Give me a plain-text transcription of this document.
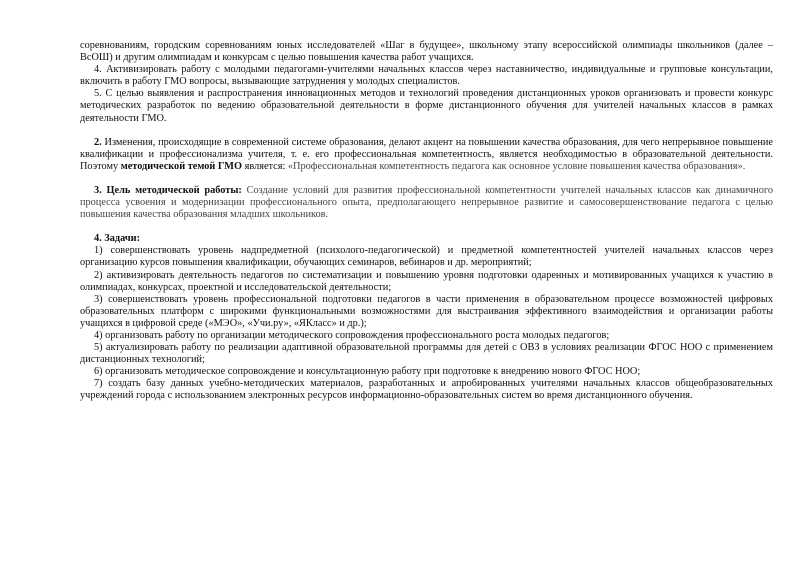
соревнованиям, городским соревнованиям юных исследователей «Шаг в будущее», школьному этапу всероссийской олимпиады школьников (далее – ВсОШ) и другим олимпиадам и конкурсам с целью повышения качества работ учащихся.

4. Активизировать работу с молодыми педагогами-учителями начальных классов через наставничество, индивидуальные и групповые консультации, включить в работу ГМО вопросы, вызывающие затруднения у молодых специалистов.

5. С целью выявления и распространения инновационных методов и технологий проведения дистанционных уроков организовать и провести конкурс методических разработок по ведению образовательной деятельности в форме дистанционного обучения для учителей начальных классов в рамках деятельности ГМО.

2. Изменения, происходящие в современной системе образования, делают акцент на повышении качества образования, для чего непрерывное повышение квалификации и профессионализма учителя, т. е. его профессиональная компетентность, является необходимостью в образовательной деятельности. Поэтому методической темой ГМО является: «Профессиональная компетентность педагога как основное условие повышения качества образования».

3. Цель методической работы: Создание условий для развития профессиональной компетентности учителей начальных классов как динамичного процесса усвоения и модернизации профессионального опыта, предполагающего непрерывное развитие и самосовершенствование педагога с целью повышения качества образования младших школьников.

4. Задачи:

1) совершенствовать уровень надпредметной (психолого-педагогической) и предметной компетентностей учителей начальных классов через организацию курсов повышения квалификации, обучающих семинаров, вебинаров и др. мероприятий;

2) активизировать деятельность педагогов по систематизации и повышению уровня подготовки одаренных и мотивированных учащихся к участию в олимпиадах, конкурсах, проектной и исследовательской деятельности;

3) совершенствовать уровень профессиональной подготовки педагогов в части применения в образовательном процессе возможностей цифровых образовательных платформ с широкими функциональными возможностями для выстраивания эффективного взаимодействия и организации работы учащихся в цифровой среде («МЭО», «Учи.ру», «ЯКласс» и др.);

4) организовать работу по организации методического сопровождения профессионального роста молодых педагогов;

5) актуализировать работу по реализации адаптивной образовательной программы для детей с ОВЗ в условиях реализации ФГОС НОО с применением дистанционных технологий;

6) организовать методическое сопровождение и консультационную работу при подготовке к внедрению нового ФГОС НОО;

7) создать базу данных учебно-методических материалов, разработанных и апробированных учителями начальных классов общеобразовательных учреждений города с использованием электронных ресурсов информационно-образовательных систем во время дистанционного обучения.
